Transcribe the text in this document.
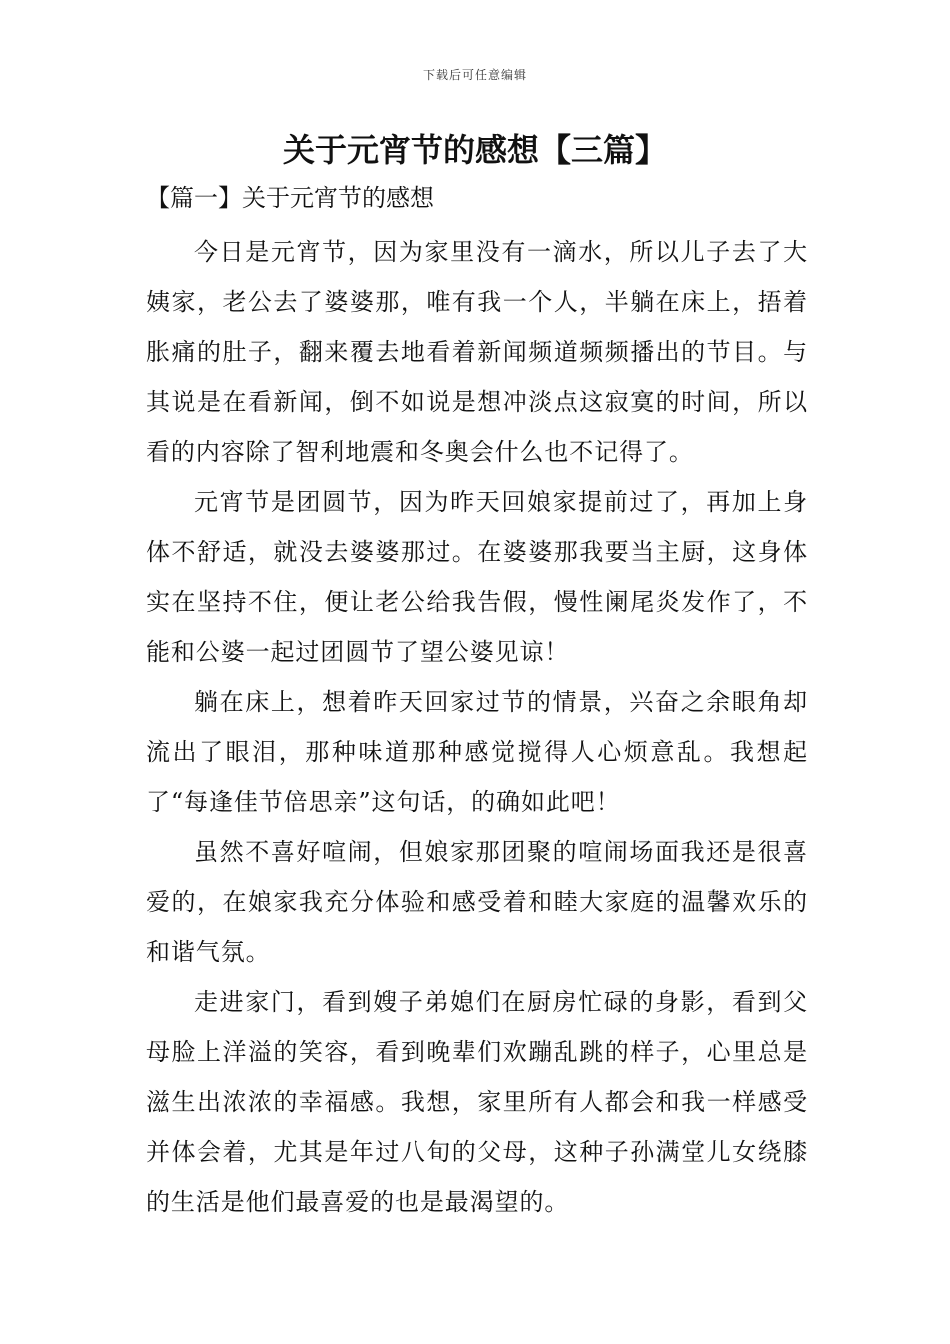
下载后可任意编辑
关于元宵节的感想【三篇】
【篇一】关于元宵节的感想

今日是元宵节，因为家里没有一滴水，所以儿子去了大姨家，老公去了婆婆那，唯有我一个人，半躺在床上，捂着胀痛的肚子，翻来覆去地看着新闻频道频频播出的节目。与其说是在看新闻，倒不如说是想冲淡点这寂寞的时间，所以看的内容除了智利地震和冬奥会什么也不记得了。

元宵节是团圆节，因为昨天回娘家提前过了，再加上身体不舒适，就没去婆婆那过。在婆婆那我要当主厨，这身体实在坚持不住，便让老公给我告假，慢性阑尾炎发作了，不能和公婆一起过团圆节了望公婆见谅！

躺在床上，想着昨天回家过节的情景，兴奋之余眼角却流出了眼泪，那种味道那种感觉搅得人心烦意乱。我想起了“每逢佳节倍思亲”这句话，的确如此吧！

虽然不喜好喧闹，但娘家那团聚的喧闹场面我还是很喜爱的，在娘家我充分体验和感受着和睦大家庭的温馨欢乐的和谐气氛。

走进家门，看到嫂子弟媳们在厨房忙碌的身影，看到父母脸上洋溢的笑容，看到晚辈们欢蹦乱跳的样子，心里总是滋生出浓浓的幸福感。我想，家里所有人都会和我一样感受并体会着，尤其是年过八旬的父母，这种子孙满堂儿女绕膝的生活是他们最喜爱的也是最渴望的。
